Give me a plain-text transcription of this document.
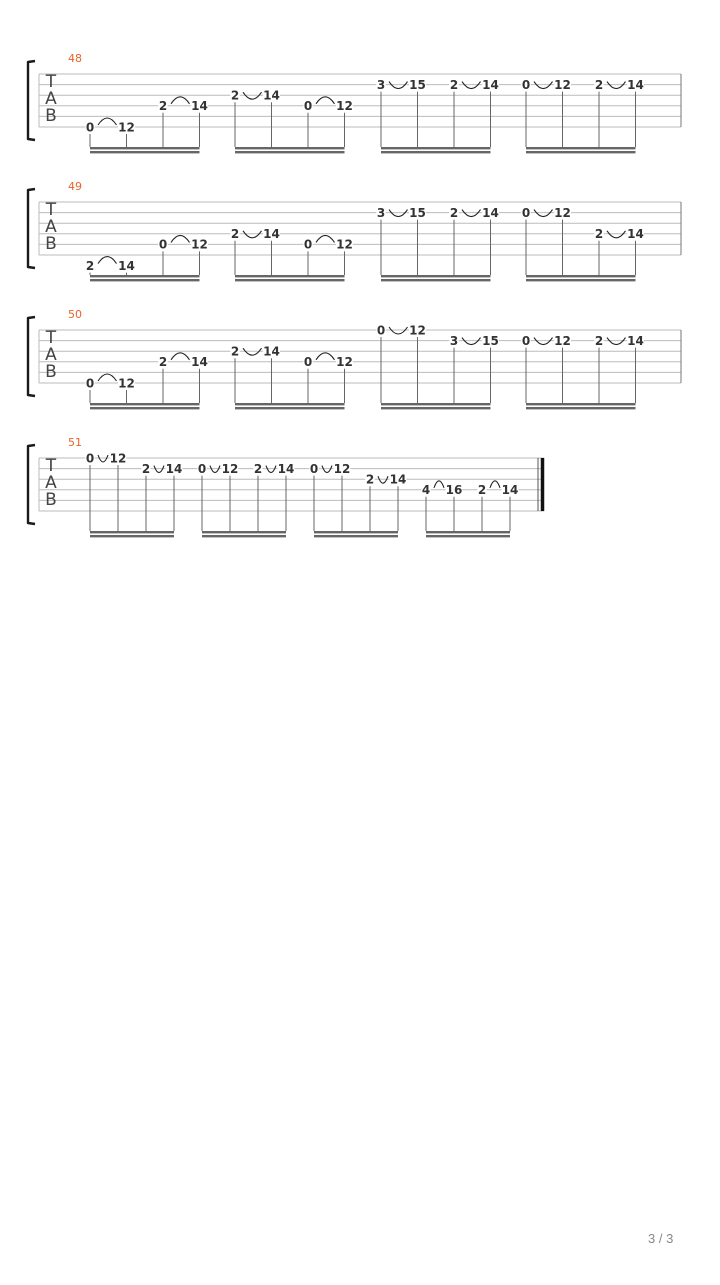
T
A
B
48
0 12
2 14
2 14
0 12
3 15 2 14 0 12 2 14
T
A
B
49
2 14
0 12
2 14
0 12
3 15 2 14 0 12
2 14
T
A
B
50
0 12
2 14
2 14
0 12
0 12
3 15 0 12 2 14
T
A
B
51
0 12
2 14 0 12 2 14 0 12
2 14
4 16 2 14
3 / 3
